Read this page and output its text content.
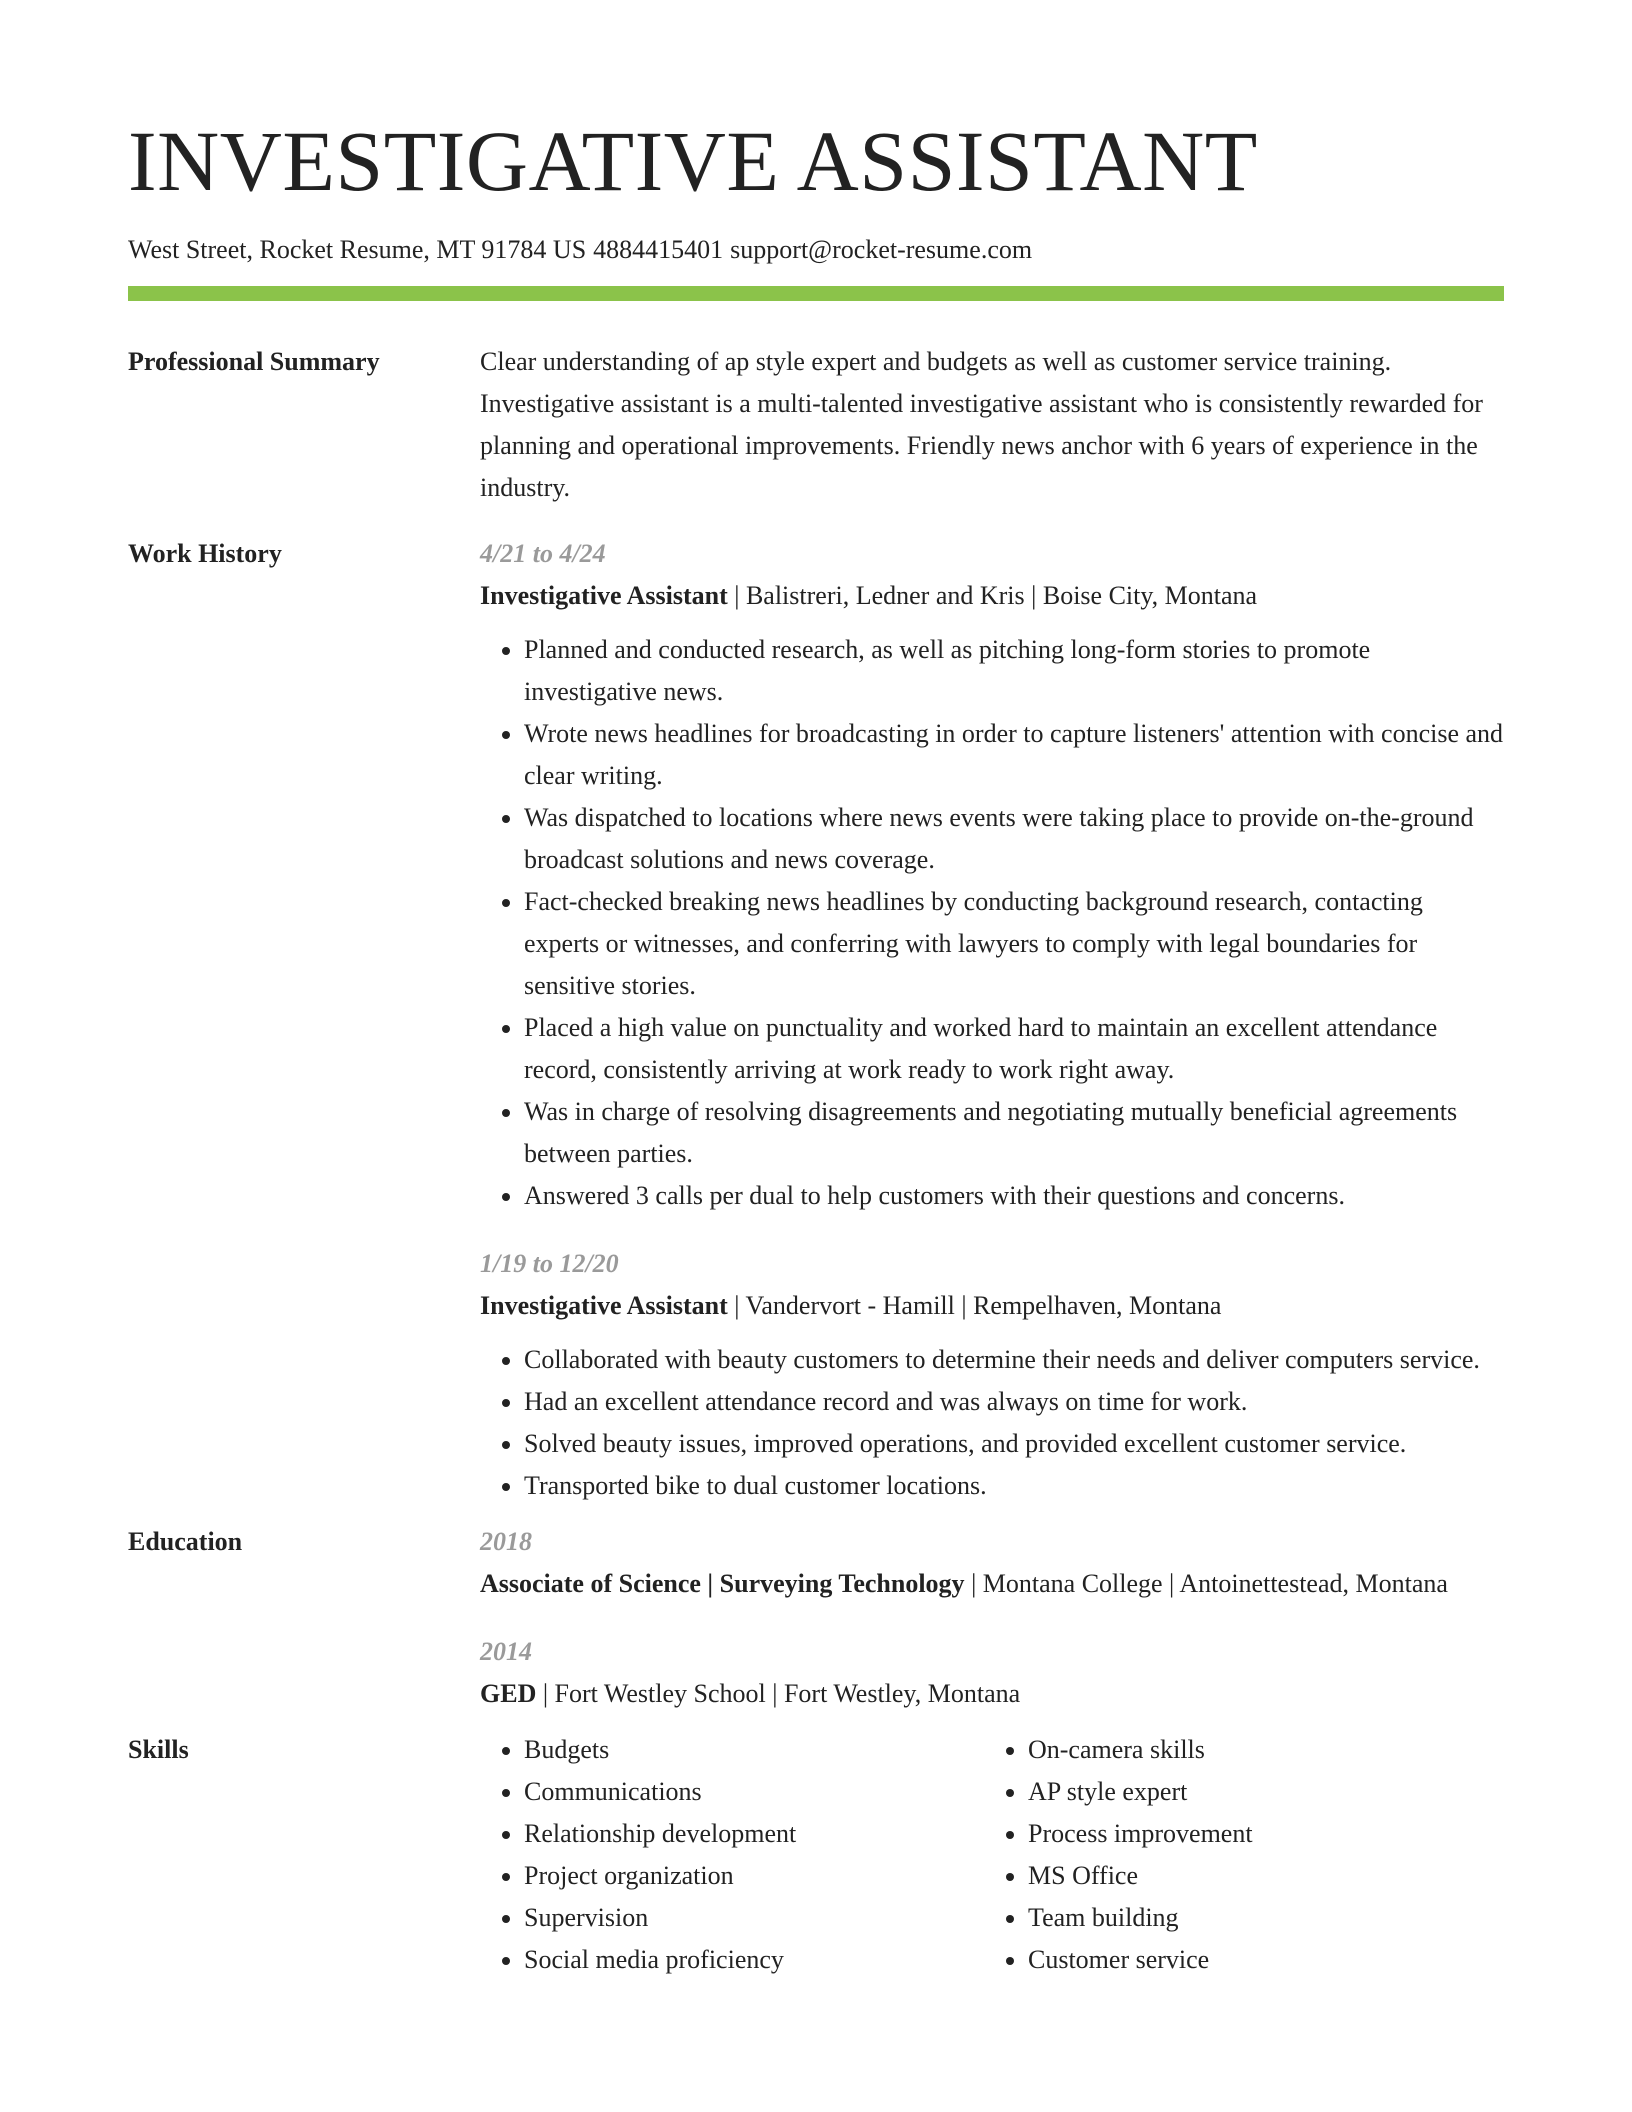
INVESTIGATIVE ASSISTANT
West Street, Rocket Resume, MT 91784 US 4884415401 support@rocket-resume.com
Professional Summary	Clear understanding of ap style expert and budgets as well as customer service training. Investigative assistant is a multi-talented investigative assistant who is consistently rewarded for planning and operational improvements. Friendly news anchor with 6 years of experience in the industry.

Work History	4/21 to 4/24

Investigative Assistant | Balistreri, Ledner and Kris | Boise City, Montana

• Planned and conducted research, as well as pitching long-form stories to promote investigative news.
• Wrote news headlines for broadcasting in order to capture listeners' attention with concise and clear writing.
• Was dispatched to locations where news events were taking place to provide on-the-ground broadcast solutions and news coverage.
• Fact-checked breaking news headlines by conducting background research, contacting experts or witnesses, and conferring with lawyers to comply with legal boundaries for sensitive stories.
• Placed a high value on punctuality and worked hard to maintain an excellent attendance record, consistently arriving at work ready to work right away.
• Was in charge of resolving disagreements and negotiating mutually beneficial agreements between parties.
• Answered 3 calls per dual to help customers with their questions and concerns.
1/19 to 12/20

Investigative Assistant | Vandervort - Hamill | Rempelhaven, Montana

• Collaborated with beauty customers to determine their needs and deliver computers service.
• Had an excellent attendance record and was always on time for work.
• Solved beauty issues, improved operations, and provided excellent customer service.
• Transported bike to dual customer locations.
Education	2018

Associate of Science | Surveying Technology | Montana College | Antoinettestead, Montana

2014

GED | Fort Westley School | Fort Westley, Montana

Skills
•	Budgets
• Communications
• Relationship development
• Project organization
• Supervision
• Social media proficiency
• On-camera skills
• AP style expert
• Process improvement
• MS Office
• Team building
• Customer service
